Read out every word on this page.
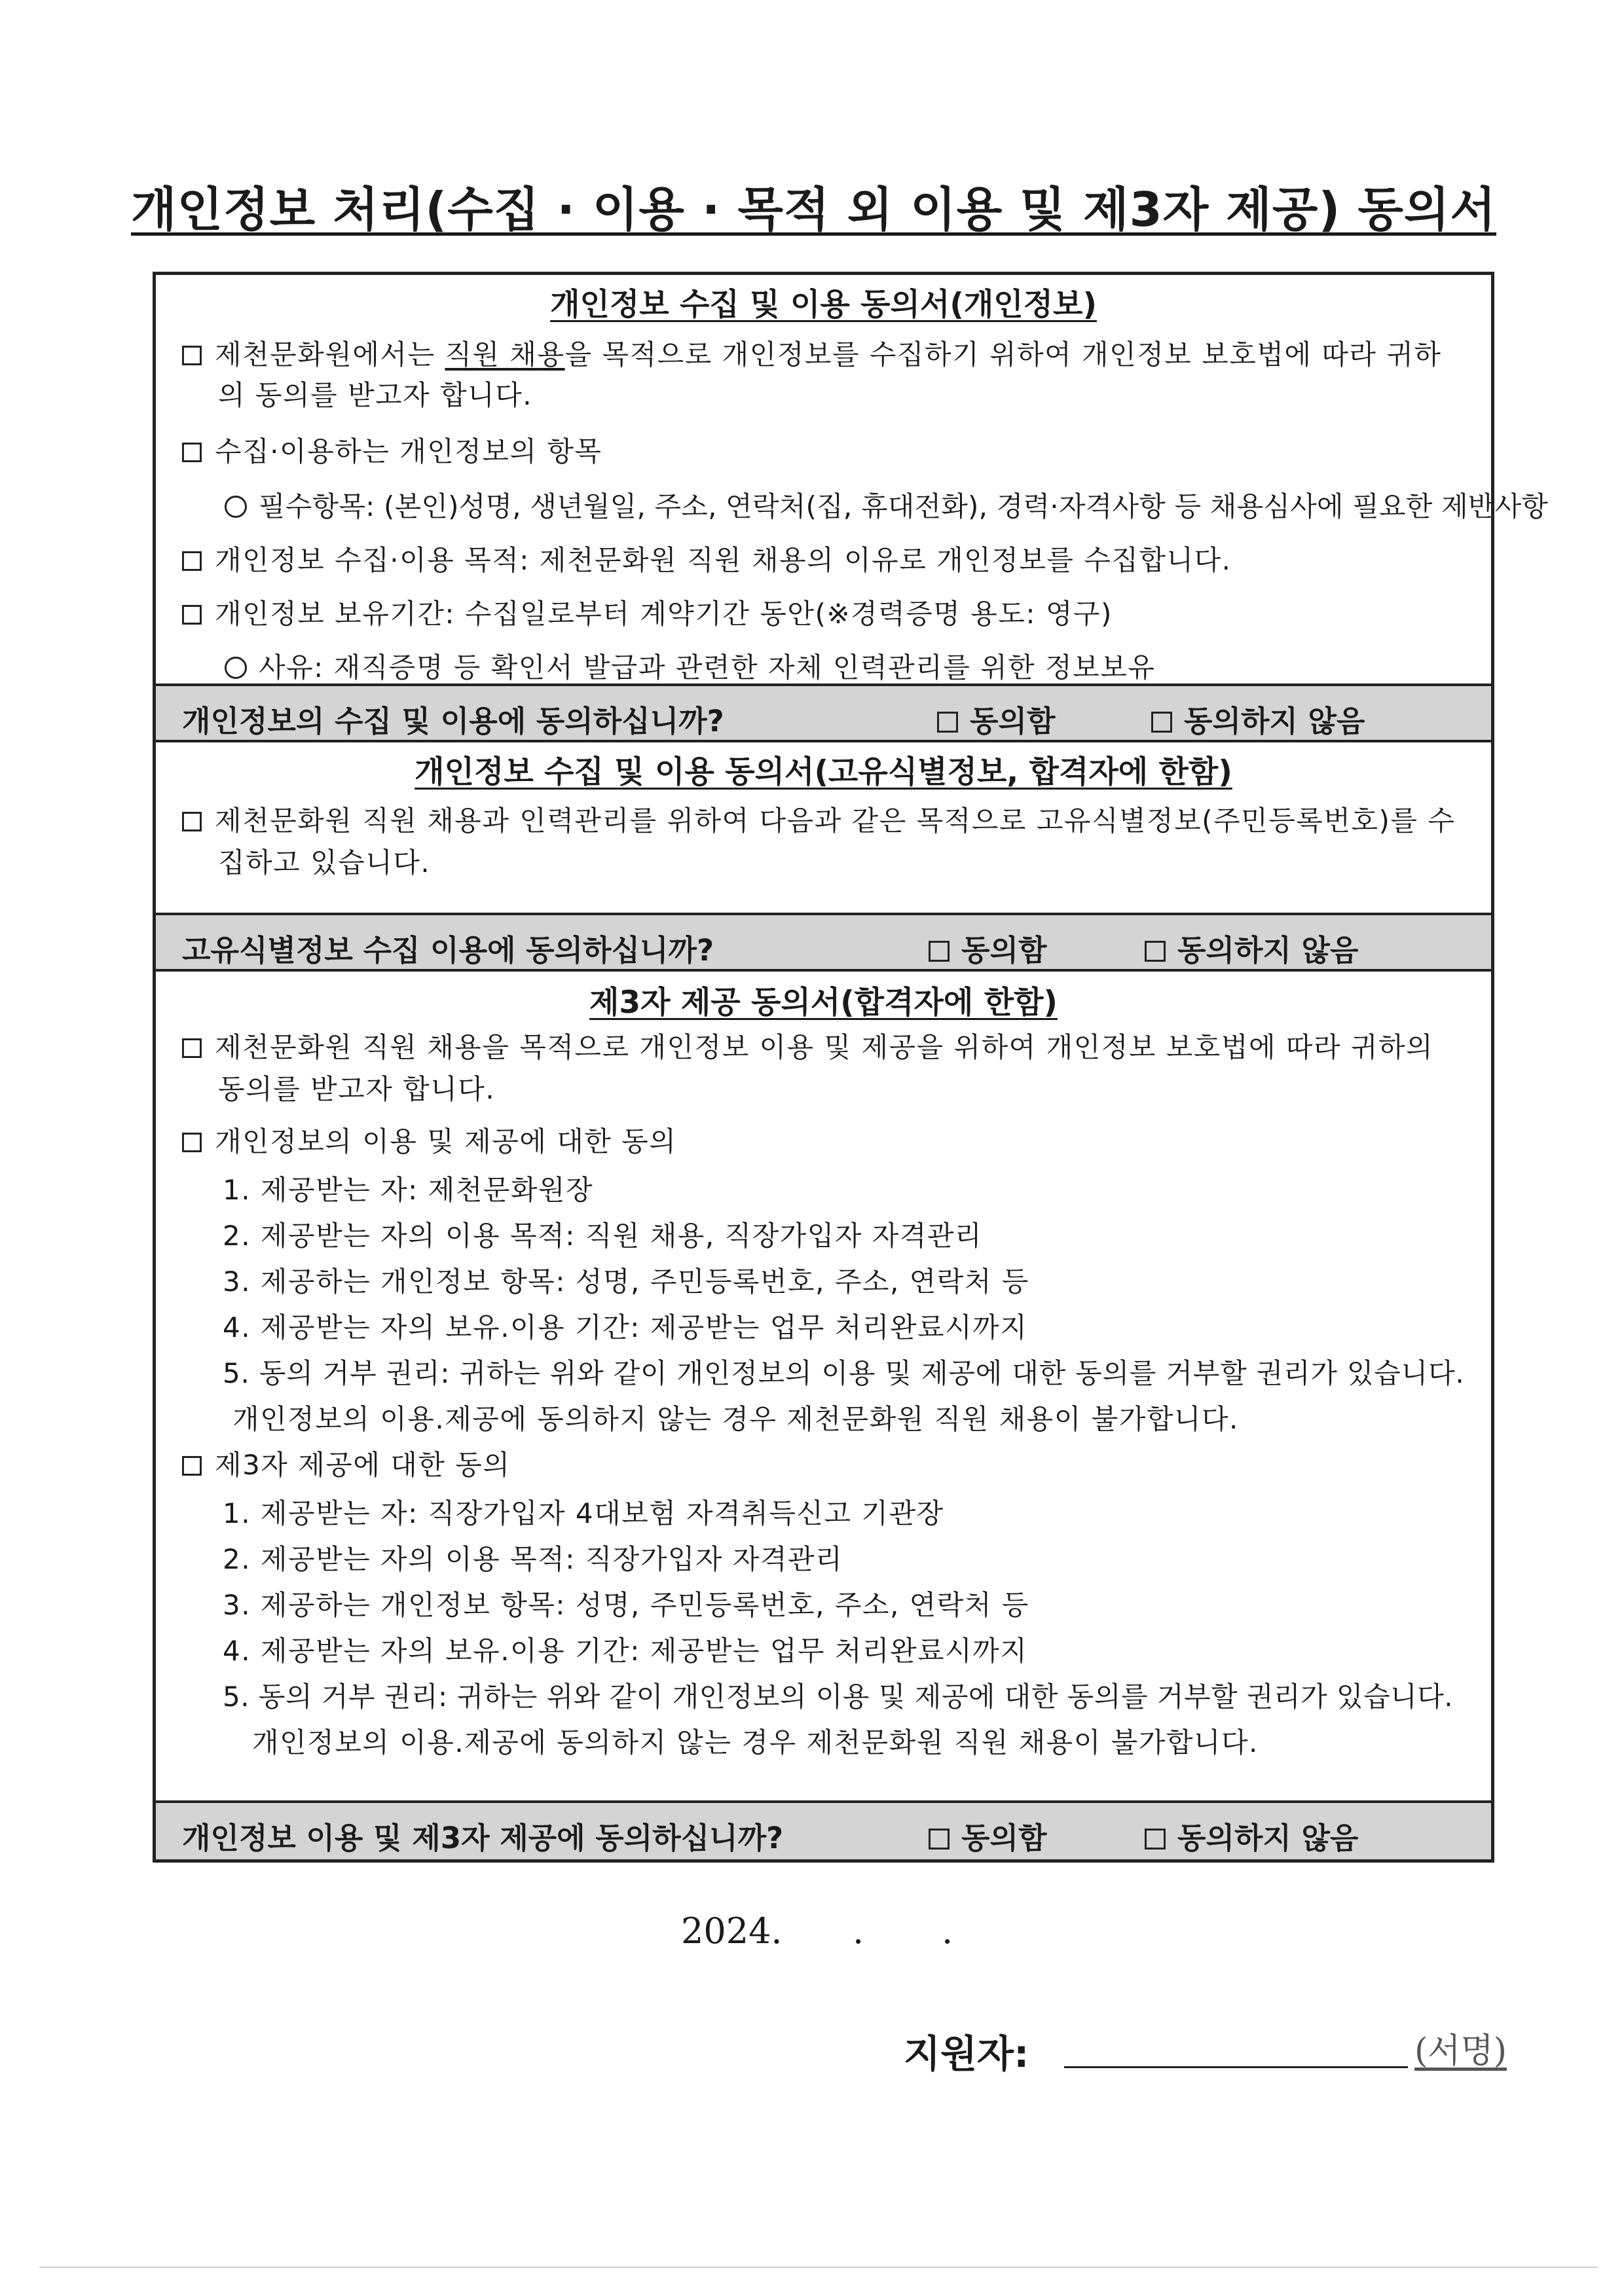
개인정보 처리(수집 · 이용 · 목적 외 이용 및 제3자 제공) 동의서
개인정보 수집 및 이용 동의서(개인정보)
제천문화원에서는 직원 채용을 목적으로 개인정보를 수집하기 위하여 개인정보 보호법에 따라 귀하
의 동의를 받고자 합니다.
수집·이용하는 개인정보의 항목
필수항목: (본인)성명, 생년월일, 주소, 연락처(집, 휴대전화), 경력·자격사항 등 채용심사에 필요한 제반사항
개인정보 수집·이용 목적: 제천문화원 직원 채용의 이유로 개인정보를 수집합니다.
개인정보 보유기간: 수집일로부터 계약기간 동안(※경력증명 용도: 영구)
사유: 재직증명 등 확인서 발급과 관련한 자체 인력관리를 위한 정보보유
개인정보의 수집 및 이용에 동의하십니까?	동의함	동의하지 않음
개인정보 수집 및 이용 동의서(고유식별정보, 합격자에 한함)
제천문화원 직원 채용과 인력관리를 위하여 다음과 같은 목적으로 고유식별정보(주민등록번호)를 수
집하고 있습니다.
고유식별정보 수집 이용에 동의하십니까?	동의함	동의하지 않음
제3자 제공 동의서(합격자에 한함)
제천문화원 직원 채용을 목적으로 개인정보 이용 및 제공을 위하여 개인정보 보호법에 따라 귀하의
동의를 받고자 합니다.
개인정보의 이용 및 제공에 대한 동의
1. 제공받는 자: 제천문화원장
2. 제공받는 자의 이용 목적: 직원 채용, 직장가입자 자격관리
3. 제공하는 개인정보 항목: 성명, 주민등록번호, 주소, 연락처 등
4. 제공받는 자의 보유.이용 기간: 제공받는 업무 처리완료시까지
5. 동의 거부 권리: 귀하는 위와 같이 개인정보의 이용 및 제공에 대한 동의를 거부할 권리가 있습니다.
개인정보의 이용.제공에 동의하지 않는 경우 제천문화원 직원 채용이 불가합니다.
제3자 제공에 대한 동의
1. 제공받는 자: 직장가입자 4대보험 자격취득신고 기관장
2. 제공받는 자의 이용 목적: 직장가입자 자격관리
3. 제공하는 개인정보 항목: 성명, 주민등록번호, 주소, 연락처 등
4. 제공받는 자의 보유.이용 기간: 제공받는 업무 처리완료시까지
5. 동의 거부 권리: 귀하는 위와 같이 개인정보의 이용 및 제공에 대한 동의를 거부할 권리가 있습니다.
개인정보의 이용.제공에 동의하지 않는 경우 제천문화원 직원 채용이 불가합니다.
개인정보 이용 및 제3자 제공에 동의하십니까?	동의함	동의하지 않음
2024. . .
지원자:	(서명)
